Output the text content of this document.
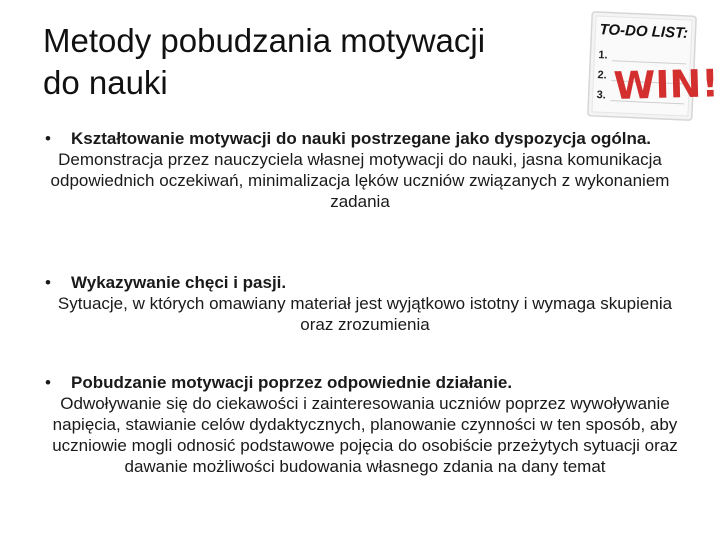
Metody pobudzania motywacji
do nauki
TO-DO LIST:
1.
2.
3. WIN!
•	Kształtowanie motywacji do nauki postrzegane jako dyspozycja ogólna.
Demonstracja przez nauczyciela własnej motywacji do nauki, jasna komunikacja odpowiednich oczekiwań, minimalizacja lęków uczniów związanych z wykonaniem zadania
•	Wykazywanie chęci i pasji.
Sytuacje, w których omawiany materiał jest wyjątkowo istotny i wymaga skupienia oraz zrozumienia
•	Pobudzanie motywacji poprzez odpowiednie działanie.
Odwoływanie się do ciekawości i zainteresowania uczniów poprzez wywoływanie napięcia, stawianie celów dydaktycznych, planowanie czynności w ten sposób, aby uczniowie mogli odnosić podstawowe pojęcia do osobiście przeżytych sytuacji oraz dawanie możliwości budowania własnego zdania na dany temat
